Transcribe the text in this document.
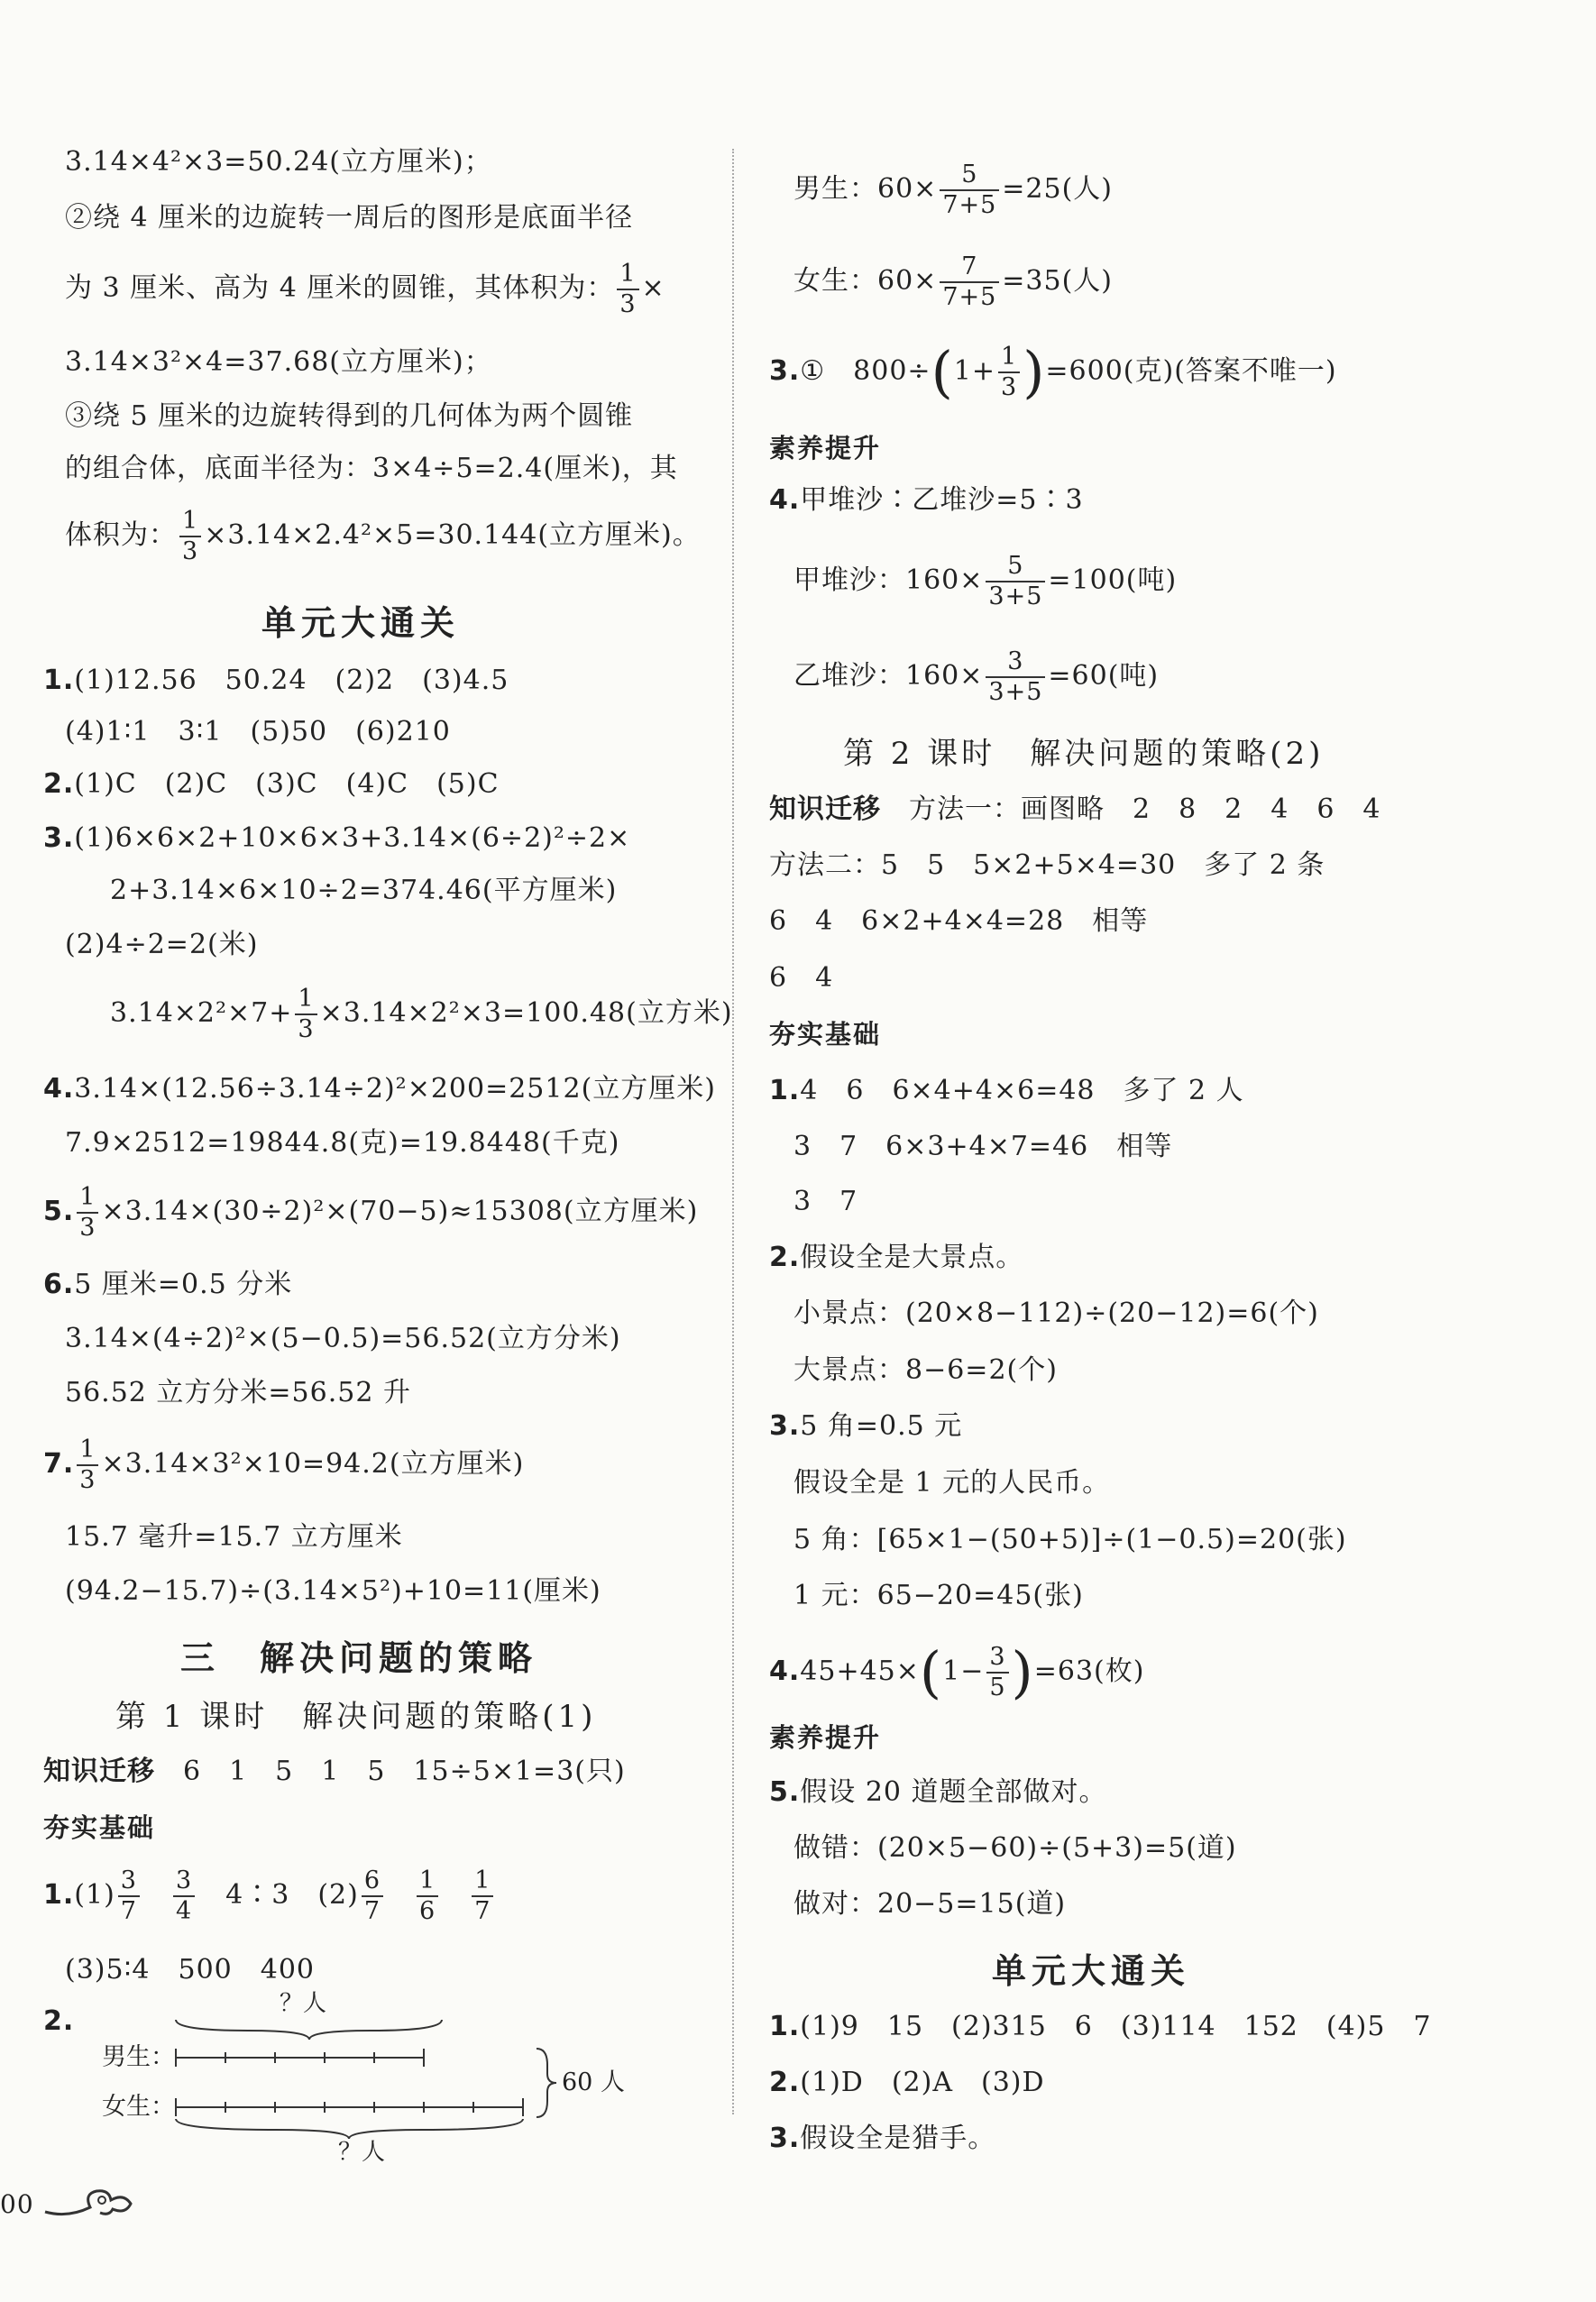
3.14×4²×3=50.24(立方厘米)；
②绕 4 厘米的边旋转一周后的图形是底面半径
为 3 厘米、高为 4 厘米的圆锥，其体积为： $\frac{1}{3}$ ×
3.14×3²×4=37.68(立方厘米)；
③绕 5 厘米的边旋转得到的几何体为两个圆锥
的组合体，底面半径为：3×4÷5=2.4(厘米)，其
体积为： $\frac{1}{3} \times 3.14\times 2.4^2\times 5=30.144$(立方厘米)。
单元大通关
1.(1)12.56　50.24　(2)2　(3)4.5
(4)1∶1　3∶1　(5)50　(6)210
2.(1)C　(2)C　(3)C　(4)C　(5)C
3.(1)6×6×2+10×6×3+3.14×(6÷2)²÷2×
2+3.14×6×10÷2=374.46(平方厘米)
(2)4÷2=2(米)
$3.14\times 2^2\times 7+ \frac{1}{3} \times 3.14\times 2^2\times 3=100.48$(立方米)
4.3.14×(12.56÷3.14÷2)²×200=2512(立方厘米)
7.9×2512=19844.8(克)=19.8448(千克)
5. $\frac{1}{3} \times 3.14\times(30\div 2)^2\times(70-5)\approx 15308$(立方厘米)
6.5 厘米=0.5 分米
3.14×(4÷2)²×(5−0.5)=56.52(立方分米)
56.52 立方分米=56.52 升
7. $\frac{1}{3} \times 3.14\times 3^2\times 10=94.2$(立方厘米)
15.7 毫升=15.7 立方厘米
(94.2−15.7)÷(3.14×5²)+10=11(厘米)
三　解决问题的策略
第 1 课时　解决问题的策略(1)
知识迁移　 6　1　5　1　5　15÷5×1=3(只)
夯实基础
$1.(1) \frac{3}{7}$
　 $\frac{3}{4}$
　 4∶3　$(2) \frac{6}{7}$
　 $\frac{1}{6}$
　 $\frac{1}{7}$
(3)5∶4　500　400
2.
？人
男生：
女生：
60 人
？人
00
男生：$60\times \frac{5}{7+5} =25$(人)
女生：$60\times \frac{7}{7+5} =35$(人)
3.①　$800\div(1+ \frac{1}{3} )=600$(克)(答案不唯一)
素养提升
4.甲堆沙∶乙堆沙=5∶3
甲堆沙：$160\times \frac{5}{3+5} =100$(吨)
乙堆沙：$160\times \frac{3}{3+5} =60$(吨)
第 2 课时　解决问题的策略(2)
知识迁移　 方法一：画图略　2　8　2　4　6　4
方法二：5　5　5×2+5×4=30　多了 2 条
6　4　6×2+4×4=28　相等
6　4
夯实基础
1.4　6　6×4+4×6=48　多了 2 人
3　7　6×3+4×7=46　相等
3　7
2.假设全是大景点。
小景点：(20×8−112)÷(20−12)=6(个)
大景点：8−6=2(个)
3.5 角=0.5 元
假设全是 1 元的人民币。
5 角：[65×1−(50+5)]÷(1−0.5)=20(张)
1 元：65−20=45(张)
$4.45+45\times(1- \frac{3}{5} )=63$(枚)
素养提升
5.假设 20 道题全部做对。
做错：(20×5−60)÷(5+3)=5(道)
做对：20−5=15(道)
单元大通关
1.(1)9　15　(2)315　6　(3)114　152　(4)5　7
2.(1)D　(2)A　(3)D
3.假设全是猎手。
